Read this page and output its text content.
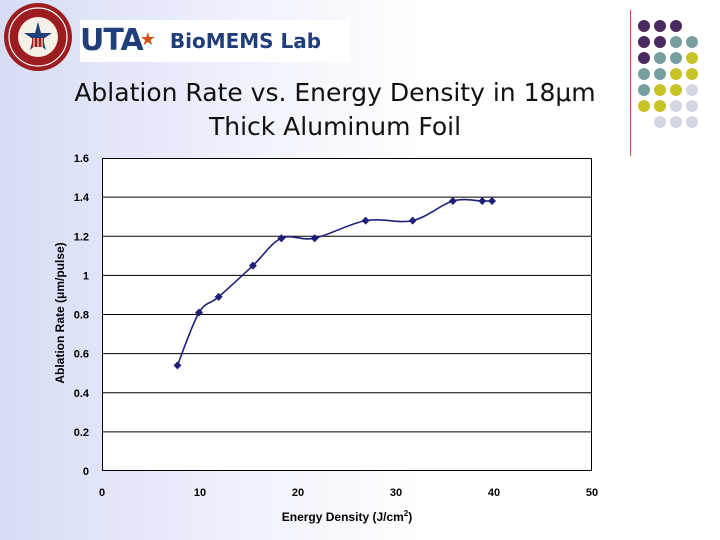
UTA
★ BioMEMS Lab
Ablation Rate vs. Energy Density in 18μm
Thick Aluminum Foil
0
0.2
0.4
0.6
0.8
1
1.2
1.4
1.6
0	10	20	30	40	50
Ablation Rate (μm/pulse)
Energy Density $(J/cm^2)$
